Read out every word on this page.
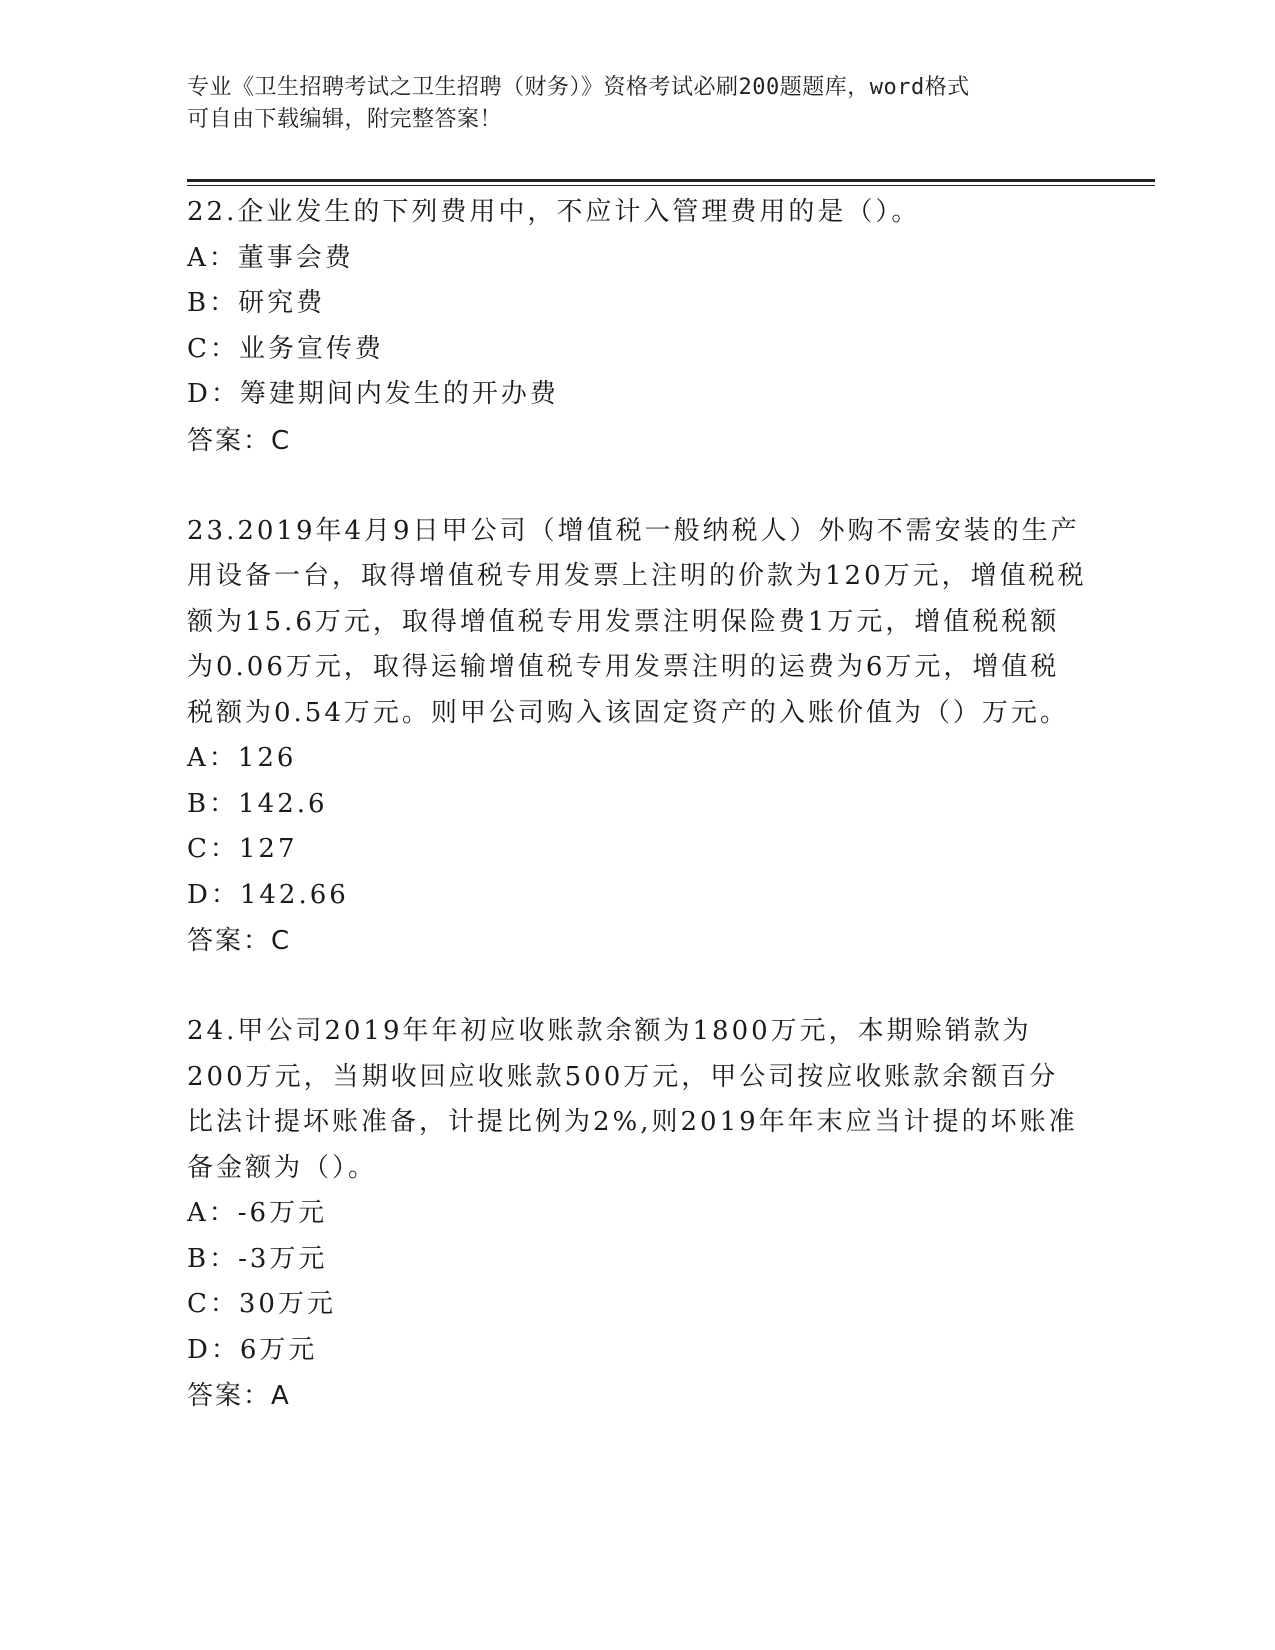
专业《卫生招聘考试之卫生招聘（财务）》资格考试必刷200题题库，word格式

可自由下载编辑，附完整答案！

22.企业发生的下列费用中，不应计入管理费用的是（）。

A：董事会费

B：研究费

C：业务宣传费

D：筹建期间内发生的开办费

答案：C

23.2019年4月9日甲公司（增值税一般纳税人）外购不需安装的生产用设备一台，取得增值税专用发票上注明的价款为120万元，增值税税额为15.6万元，取得增值税专用发票注明保险费1万元，增值税税额为0.06万元，取得运输增值税专用发票注明的运费为6万元，增值税税额为0.54万元。则甲公司购入该固定资产的入账价值为（）万元。

A：126

B：142.6

C：127

D：142.66

答案：C

24.甲公司2019年年初应收账款余额为1800万元，本期赊销款为200万元，当期收回应收账款500万元，甲公司按应收账款余额百分比法计提坏账准备，计提比例为2%,则2019年年末应当计提的坏账准备金额为（）。

A：-6万元

B：-3万元

C：30万元

D：6万元

答案：A
